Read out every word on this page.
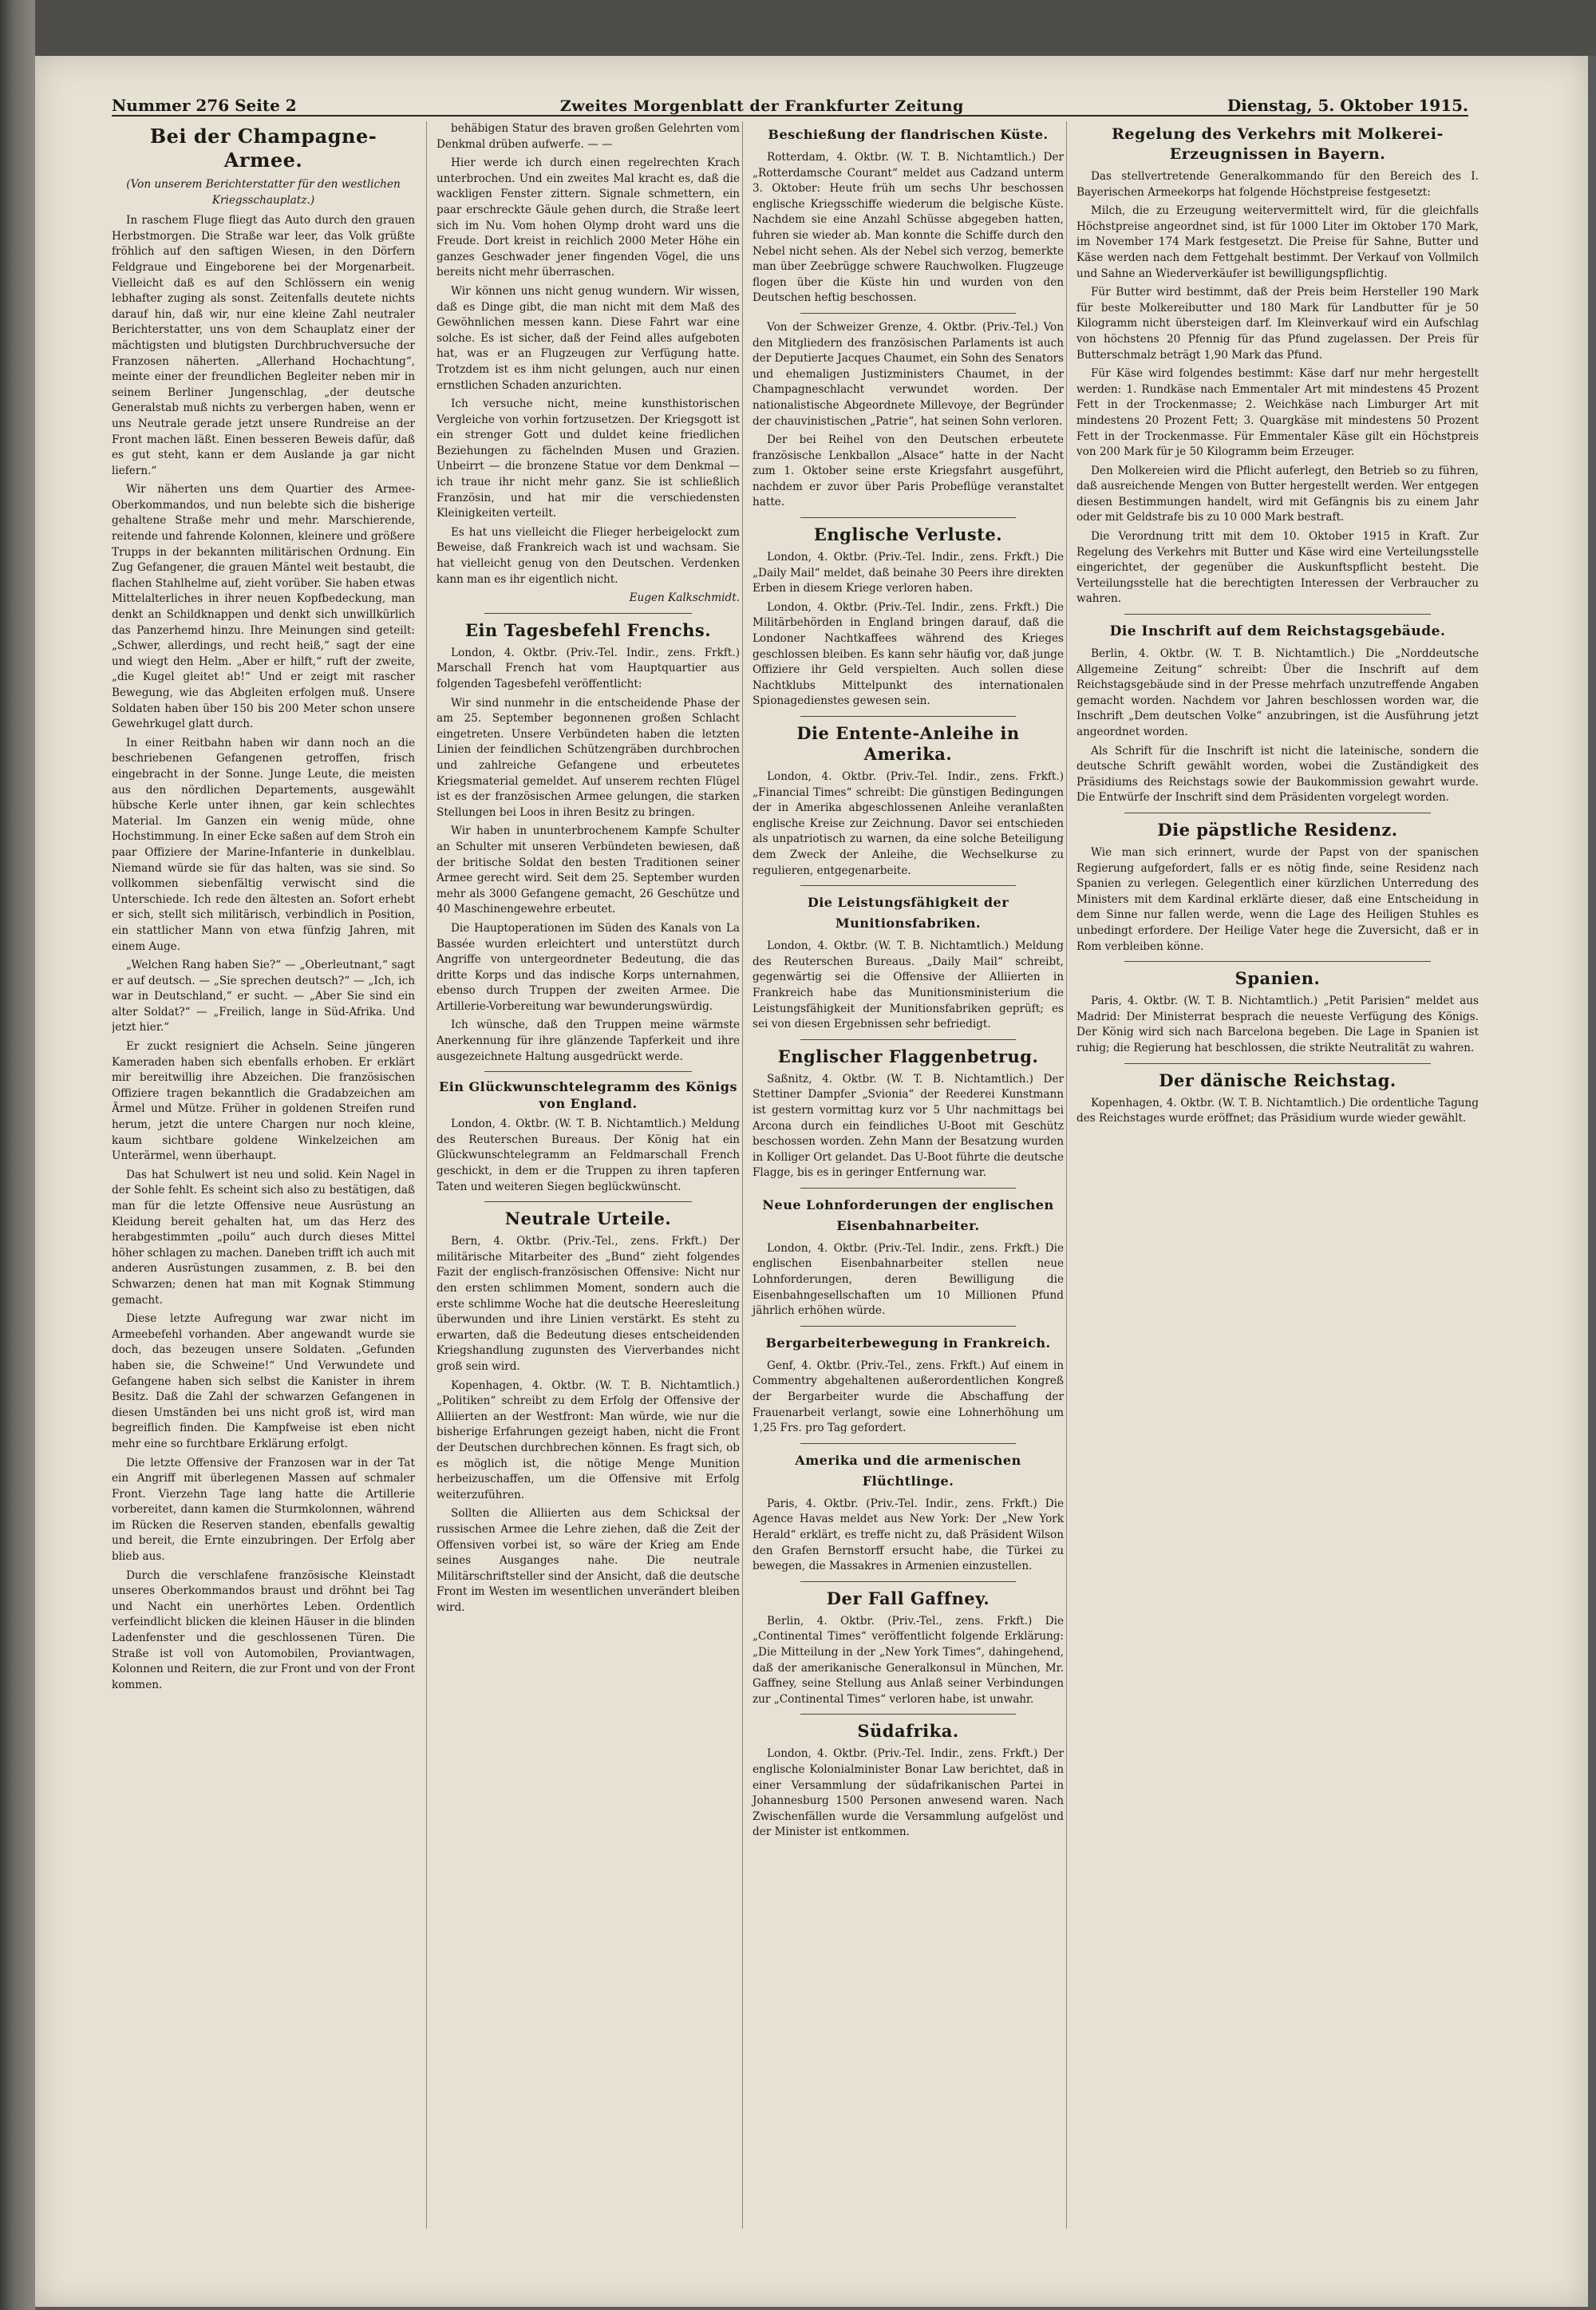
Nummer 276 Seite 2	Zweites Morgenblatt der Frankfurter Zeitung	Dienstag, 5. Oktober 1915.
Bei der Champagne-Armee.
(Von unserem Berichterstatter für den westlichen Kriegsschauplatz.)

In raschem Fluge fliegt das Auto durch den grauen Herbstmorgen. Die Straße war leer, das Volk grüßte fröhlich auf den saftigen Wiesen, in den Dörfern Feldgraue und Eingeborene bei der Morgenarbeit. Vielleicht daß es auf den Schlössern ein wenig lebhafter zuging als sonst. Zeitenfalls deutete nichts darauf hin, daß wir, nur eine kleine Zahl neutraler Berichterstatter, uns von dem Schauplatz einer der mächtigsten und blutigsten Durchbruchversuche der Franzosen näherten. „Allerhand Hochachtung“, meinte einer der freundlichen Begleiter neben mir in seinem Berliner Jungenschlag, „der deutsche Generalstab muß nichts zu verbergen haben, wenn er uns Neutrale gerade jetzt unsere Rundreise an der Front machen läßt. Einen besseren Beweis dafür, daß es gut steht, kann er dem Auslande ja gar nicht liefern.“

Wir näherten uns dem Quartier des Armee-Oberkommandos, und nun belebte sich die bisherige gehaltene Straße mehr und mehr. Marschierende, reitende und fahrende Kolonnen, kleinere und größere Trupps in der bekannten militärischen Ordnung. Ein Zug Gefangener, die grauen Mäntel weit bestaubt, die flachen Stahlhelme auf, zieht vorüber. Sie haben etwas Mittelalterliches in ihrer neuen Kopfbedeckung, man denkt an Schildknappen und denkt sich unwillkürlich das Panzerhemd hinzu. Ihre Meinungen sind geteilt: „Schwer, allerdings, und recht heiß,“ sagt der eine und wiegt den Helm. „Aber er hilft,“ ruft der zweite, „die Kugel gleitet ab!“ Und er zeigt mit rascher Bewegung, wie das Abgleiten erfolgen muß. Unsere Soldaten haben über 150 bis 200 Meter schon unsere Gewehrkugel glatt durch.

In einer Reitbahn haben wir dann noch an die beschriebenen Gefangenen getroffen, frisch eingebracht in der Sonne. Junge Leute, die meisten aus den nördlichen Departements, ausgewählt hübsche Kerle unter ihnen, gar kein schlechtes Material. Im Ganzen ein wenig müde, ohne Hochstimmung. In einer Ecke saßen auf dem Stroh ein paar Offiziere der Marine-Infanterie in dunkelblau. Niemand würde sie für das halten, was sie sind. So vollkommen siebenfältig verwischt sind die Unterschiede. Ich rede den ältesten an. Sofort erhebt er sich, stellt sich militärisch, verbindlich in Position, ein stattlicher Mann von etwa fünfzig Jahren, mit einem Auge.

„Welchen Rang haben Sie?“ — „Oberleutnant,“ sagt er auf deutsch. — „Sie sprechen deutsch?“ — „Ich, ich war in Deutschland,“ er sucht. — „Aber Sie sind ein alter Soldat?“ — „Freilich, lange in Süd-Afrika. Und jetzt hier.“

Er zuckt resigniert die Achseln. Seine jüngeren Kameraden haben sich ebenfalls erhoben. Er erklärt mir bereitwillig ihre Abzeichen. Die französischen Offiziere tragen bekanntlich die Gradabzeichen am Ärmel und Mütze. Früher in goldenen Streifen rund herum, jetzt die untere Chargen nur noch kleine, kaum sichtbare goldene Winkelzeichen am Unterärmel, wenn überhaupt.

Das hat Schulwert ist neu und solid. Kein Nagel in der Sohle fehlt. Es scheint sich also zu bestätigen, daß man für die letzte Offensive neue Ausrüstung an Kleidung bereit gehalten hat, um das Herz des herabgestimmten „poilu“ auch durch dieses Mittel höher schlagen zu machen. Daneben trifft ich auch mit anderen Ausrüstungen zusammen, z. B. bei den Schwarzen; denen hat man mit Kognak Stimmung gemacht.

Diese letzte Aufregung war zwar nicht im Armeebefehl vorhanden. Aber angewandt wurde sie doch, das bezeugen unsere Soldaten. „Gefunden haben sie, die Schweine!“ Und Verwundete und Gefangene haben sich selbst die Kanister in ihrem Besitz. Daß die Zahl der schwarzen Gefangenen in diesen Umständen bei uns nicht groß ist, wird man begreiflich finden. Die Kampfweise ist eben nicht mehr eine so furchtbare Erklärung erfolgt.

Die letzte Offensive der Franzosen war in der Tat ein Angriff mit überlegenen Massen auf schmaler Front. Vierzehn Tage lang hatte die Artillerie vorbereitet, dann kamen die Sturmkolonnen, während im Rücken die Reserven standen, ebenfalls gewaltig und bereit, die Ernte einzubringen. Der Erfolg aber blieb aus.

Durch die verschlafene französische Kleinstadt unseres Oberkommandos braust und dröhnt bei Tag und Nacht ein unerhörtes Leben. Ordentlich verfeindlicht blicken die kleinen Häuser in die blinden Ladenfenster und die geschlossenen Türen. Die Straße ist voll von Automobilen, Proviantwagen, Kolonnen und Reitern, die zur Front und von der Front kommen.

behäbigen Statur des braven großen Gelehrten vom Denkmal drüben aufwerfe. — —

Hier werde ich durch einen regelrechten Krach unterbrochen. Und ein zweites Mal kracht es, daß die wackligen Fenster zittern. Signale schmettern, ein paar erschreckte Gäule gehen durch, die Straße leert sich im Nu. Vom hohen Olymp droht ward uns die Freude. Dort kreist in reichlich 2000 Meter Höhe ein ganzes Geschwader jener fingenden Vögel, die uns bereits nicht mehr überraschen.

Wir können uns nicht genug wundern. Wir wissen, daß es Dinge gibt, die man nicht mit dem Maß des Gewöhnlichen messen kann. Diese Fahrt war eine solche. Es ist sicher, daß der Feind alles aufgeboten hat, was er an Flugzeugen zur Verfügung hatte. Trotzdem ist es ihm nicht gelungen, auch nur einen ernstlichen Schaden anzurichten.

Ich versuche nicht, meine kunsthistorischen Vergleiche von vorhin fortzusetzen. Der Kriegsgott ist ein strenger Gott und duldet keine friedlichen Beziehungen zu fächelnden Musen und Grazien. Unbeirrt — die bronzene Statue vor dem Denkmal — ich traue ihr nicht mehr ganz. Sie ist schließlich Französin, und hat mir die verschiedensten Kleinigkeiten verteilt.

Es hat uns vielleicht die Flieger herbeigelockt zum Beweise, daß Frankreich wach ist und wachsam. Sie hat vielleicht genug von den Deutschen. Verdenken kann man es ihr eigentlich nicht.

Eugen Kalkschmidt.
Ein Tagesbefehl Frenchs.

London, 4. Oktbr. (Priv.-Tel. Indir., zens. Frkft.) Marschall French hat vom Hauptquartier aus folgenden Tagesbefehl veröffentlicht:

Wir sind nunmehr in die entscheidende Phase der am 25. September begonnenen großen Schlacht eingetreten. Unsere Verbündeten haben die letzten Linien der feindlichen Schützengräben durchbrochen und zahlreiche Gefangene und erbeutetes Kriegsmaterial gemeldet. Auf unserem rechten Flügel ist es der französischen Armee gelungen, die starken Stellungen bei Loos in ihren Besitz zu bringen.

Wir haben in ununterbrochenem Kampfe Schulter an Schulter mit unseren Verbündeten bewiesen, daß der britische Soldat den besten Traditionen seiner Armee gerecht wird. Seit dem 25. September wurden mehr als 3000 Gefangene gemacht, 26 Geschütze und 40 Maschinengewehre erbeutet.

Die Hauptoperationen im Süden des Kanals von La Bassée wurden erleichtert und unterstützt durch Angriffe von untergeordneter Bedeutung, die das dritte Korps und das indische Korps unternahmen, ebenso durch Truppen der zweiten Armee. Die Artillerie-Vorbereitung war bewunderungswürdig.

Ich wünsche, daß den Truppen meine wärmste Anerkennung für ihre glänzende Tapferkeit und ihre ausgezeichnete Haltung ausgedrückt werde.

Ein Glückwunschtelegramm des Königs von England.

London, 4. Oktbr. (W. T. B. Nichtamtlich.) Meldung des Reuterschen Bureaus. Der König hat ein Glückwunschtelegramm an Feldmarschall French geschickt, in dem er die Truppen zu ihren tapferen Taten und weiteren Siegen beglückwünscht.

Neutrale Urteile.

Bern, 4. Oktbr. (Priv.-Tel., zens. Frkft.) Der militärische Mitarbeiter des „Bund“ zieht folgendes Fazit der englisch-französischen Offensive: Nicht nur den ersten schlimmen Moment, sondern auch die erste schlimme Woche hat die deutsche Heeresleitung überwunden und ihre Linien verstärkt. Es steht zu erwarten, daß die Bedeutung dieses entscheidenden Kriegshandlung zugunsten des Vierverbandes nicht groß sein wird.

Kopenhagen, 4. Oktbr. (W. T. B. Nichtamtlich.) „Politiken“ schreibt zu dem Erfolg der Offensive der Alliierten an der Westfront: Man würde, wie nur die bisherige Erfahrungen gezeigt haben, nicht die Front der Deutschen durchbrechen können. Es fragt sich, ob es möglich ist, die nötige Menge Munition herbeizuschaffen, um die Offensive mit Erfolg weiterzuführen.

Sollten die Alliierten aus dem Schicksal der russischen Armee die Lehre ziehen, daß die Zeit der Offensiven vorbei ist, so wäre der Krieg am Ende seines Ausganges nahe. Die neutrale Militärschriftsteller sind der Ansicht, daß die deutsche Front im Westen im wesentlichen unverändert bleiben wird.

Beschießung der flandrischen Küste.

Rotterdam, 4. Oktbr. (W. T. B. Nichtamtlich.) Der „Rotterdamsche Courant“ meldet aus Cadzand unterm 3. Oktober: Heute früh um sechs Uhr beschossen englische Kriegsschiffe wiederum die belgische Küste. Nachdem sie eine Anzahl Schüsse abgegeben hatten, fuhren sie wieder ab. Man konnte die Schiffe durch den Nebel nicht sehen. Als der Nebel sich verzog, bemerkte man über Zeebrügge schwere Rauchwolken. Flugzeuge flogen über die Küste hin und wurden von den Deutschen heftig beschossen.

Von der Schweizer Grenze, 4. Oktbr. (Priv.-Tel.) Von den Mitgliedern des französischen Parlaments ist auch der Deputierte Jacques Chaumet, ein Sohn des Senators und ehemaligen Justizministers Chaumet, in der Champagneschlacht verwundet worden. Der nationalistische Abgeordnete Millevoye, der Begründer der chauvinistischen „Patrie“, hat seinen Sohn verloren.

Der bei Reihel von den Deutschen erbeutete französische Lenkballon „Alsace“ hatte in der Nacht zum 1. Oktober seine erste Kriegsfahrt ausgeführt, nachdem er zuvor über Paris Probeflüge veranstaltet hatte.

Englische Verluste.

London, 4. Oktbr. (Priv.-Tel. Indir., zens. Frkft.) Die „Daily Mail“ meldet, daß beinahe 30 Peers ihre direkten Erben in diesem Kriege verloren haben.

London, 4. Oktbr. (Priv.-Tel. Indir., zens. Frkft.) Die Militärbehörden in England bringen darauf, daß die Londoner Nachtkaffees während des Krieges geschlossen bleiben. Es kann sehr häufig vor, daß junge Offiziere ihr Geld verspielten. Auch sollen diese Nachtklubs Mittelpunkt des internationalen Spionagedienstes gewesen sein.

Die Entente-Anleihe in Amerika.

London, 4. Oktbr. (Priv.-Tel. Indir., zens. Frkft.) „Financial Times“ schreibt: Die günstigen Bedingungen der in Amerika abgeschlossenen Anleihe veranlaßten englische Kreise zur Zeichnung. Davor sei entschieden als unpatriotisch zu warnen, da eine solche Beteiligung dem Zweck der Anleihe, die Wechselkurse zu regulieren, entgegenarbeite.

Die Leistungsfähigkeit der Munitionsfabriken.

London, 4. Oktbr. (W. T. B. Nichtamtlich.) Meldung des Reuterschen Bureaus. „Daily Mail“ schreibt, gegenwärtig sei die Offensive der Alliierten in Frankreich habe das Munitionsministerium die Leistungsfähigkeit der Munitionsfabriken geprüft; es sei von diesen Ergebnissen sehr befriedigt.

Englischer Flaggenbetrug.

Saßnitz, 4. Oktbr. (W. T. B. Nichtamtlich.) Der Stettiner Dampfer „Svionia“ der Reederei Kunstmann ist gestern vormittag kurz vor 5 Uhr nachmittags bei Arcona durch ein feindliches U-Boot mit Geschütz beschossen worden. Zehn Mann der Besatzung wurden in Kolliger Ort gelandet. Das U-Boot führte die deutsche Flagge, bis es in geringer Entfernung war.

Neue Lohnforderungen der englischen Eisenbahnarbeiter.

London, 4. Oktbr. (Priv.-Tel. Indir., zens. Frkft.) Die englischen Eisenbahnarbeiter stellen neue Lohnforderungen, deren Bewilligung die Eisenbahngesellschaften um 10 Millionen Pfund jährlich erhöhen würde.

Bergarbeiterbewegung in Frankreich.

Genf, 4. Oktbr. (Priv.-Tel., zens. Frkft.) Auf einem in Commentry abgehaltenen außerordentlichen Kongreß der Bergarbeiter wurde die Abschaffung der Frauenarbeit verlangt, sowie eine Lohnerhöhung um 1,25 Frs. pro Tag gefordert.

Amerika und die armenischen Flüchtlinge.

Paris, 4. Oktbr. (Priv.-Tel. Indir., zens. Frkft.) Die Agence Havas meldet aus New York: Der „New York Herald“ erklärt, es treffe nicht zu, daß Präsident Wilson den Grafen Bernstorff ersucht habe, die Türkei zu bewegen, die Massakres in Armenien einzustellen.

Der Fall Gaffney.

Berlin, 4. Oktbr. (Priv.-Tel., zens. Frkft.) Die „Continental Times“ veröffentlicht folgende Erklärung: „Die Mitteilung in der „New York Times“, dahingehend, daß der amerikanische Generalkonsul in München, Mr. Gaffney, seine Stellung aus Anlaß seiner Verbindungen zur „Continental Times“ verloren habe, ist unwahr.

Südafrika.

London, 4. Oktbr. (Priv.-Tel. Indir., zens. Frkft.) Der englische Kolonialminister Bonar Law berichtet, daß in einer Versammlung der südafrikanischen Partei in Johannesburg 1500 Personen anwesend waren. Nach Zwischenfällen wurde die Versammlung aufgelöst und der Minister ist entkommen.

Regelung des Verkehrs mit Molkerei-Erzeugnissen in Bayern.

Das stellvertretende Generalkommando für den Bereich des I. Bayerischen Armeekorps hat folgende Höchstpreise festgesetzt:

Milch, die zu Erzeugung weitervermittelt wird, für die gleichfalls Höchstpreise angeordnet sind, ist für 1000 Liter im Oktober 170 Mark, im November 174 Mark festgesetzt. Die Preise für Sahne, Butter und Käse werden nach dem Fettgehalt bestimmt. Der Verkauf von Vollmilch und Sahne an Wiederverkäufer ist bewilligungspflichtig.

Für Butter wird bestimmt, daß der Preis beim Hersteller 190 Mark für beste Molkereibutter und 180 Mark für Landbutter für je 50 Kilogramm nicht übersteigen darf. Im Kleinverkauf wird ein Aufschlag von höchstens 20 Pfennig für das Pfund zugelassen. Der Preis für Butterschmalz beträgt 1,90 Mark das Pfund.

Für Käse wird folgendes bestimmt: Käse darf nur mehr hergestellt werden: 1. Rundkäse nach Emmentaler Art mit mindestens 45 Prozent Fett in der Trockenmasse; 2. Weichkäse nach Limburger Art mit mindestens 20 Prozent Fett; 3. Quargkäse mit mindestens 50 Prozent Fett in der Trockenmasse. Für Emmentaler Käse gilt ein Höchstpreis von 200 Mark für je 50 Kilogramm beim Erzeuger.

Den Molkereien wird die Pflicht auferlegt, den Betrieb so zu führen, daß ausreichende Mengen von Butter hergestellt werden. Wer entgegen diesen Bestimmungen handelt, wird mit Gefängnis bis zu einem Jahr oder mit Geldstrafe bis zu 10 000 Mark bestraft.

Die Verordnung tritt mit dem 10. Oktober 1915 in Kraft. Zur Regelung des Verkehrs mit Butter und Käse wird eine Verteilungsstelle eingerichtet, der gegenüber die Auskunftspflicht besteht. Die Verteilungsstelle hat die berechtigten Interessen der Verbraucher zu wahren.

Die Inschrift auf dem Reichstagsgebäude.

Berlin, 4. Oktbr. (W. T. B. Nichtamtlich.) Die „Norddeutsche Allgemeine Zeitung“ schreibt: Über die Inschrift auf dem Reichstagsgebäude sind in der Presse mehrfach unzutreffende Angaben gemacht worden. Nachdem vor Jahren beschlossen worden war, die Inschrift „Dem deutschen Volke“ anzubringen, ist die Ausführung jetzt angeordnet worden.

Als Schrift für die Inschrift ist nicht die lateinische, sondern die deutsche Schrift gewählt worden, wobei die Zuständigkeit des Präsidiums des Reichstags sowie der Baukommission gewahrt wurde. Die Entwürfe der Inschrift sind dem Präsidenten vorgelegt worden.

Die päpstliche Residenz.

Wie man sich erinnert, wurde der Papst von der spanischen Regierung aufgefordert, falls er es nötig finde, seine Residenz nach Spanien zu verlegen. Gelegentlich einer kürzlichen Unterredung des Ministers mit dem Kardinal erklärte dieser, daß eine Entscheidung in dem Sinne nur fallen werde, wenn die Lage des Heiligen Stuhles es unbedingt erfordere. Der Heilige Vater hege die Zuversicht, daß er in Rom verbleiben könne.

Spanien.

Paris, 4. Oktbr. (W. T. B. Nichtamtlich.) „Petit Parisien“ meldet aus Madrid: Der Ministerrat besprach die neueste Verfügung des Königs. Der König wird sich nach Barcelona begeben. Die Lage in Spanien ist ruhig; die Regierung hat beschlossen, die strikte Neutralität zu wahren.

Der dänische Reichstag.

Kopenhagen, 4. Oktbr. (W. T. B. Nichtamtlich.) Die ordentliche Tagung des Reichstages wurde eröffnet; das Präsidium wurde wieder gewählt.
